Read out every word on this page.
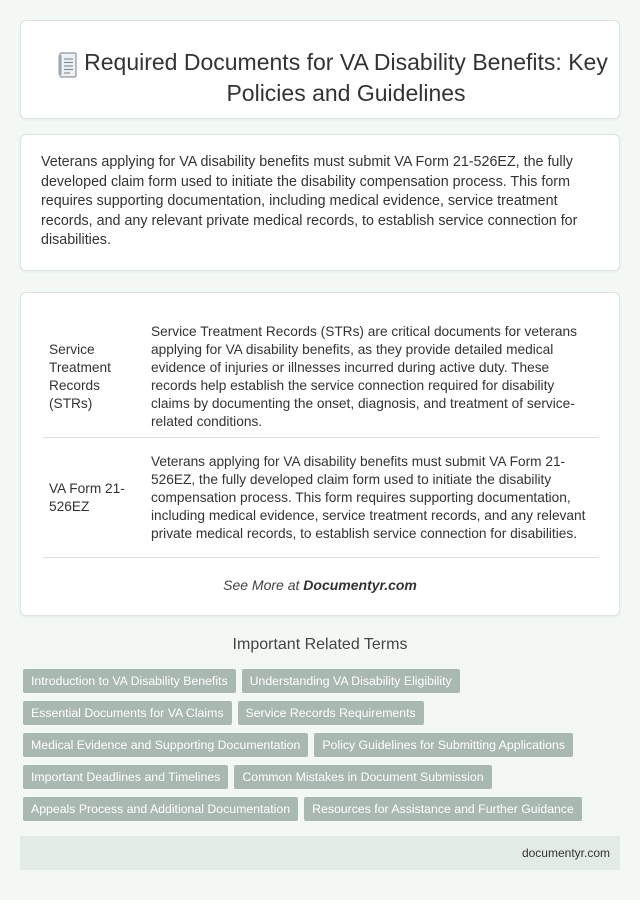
Required Documents for VA Disability Benefits: Key Policies and Guidelines

Veterans applying for VA disability benefits must submit VA Form 21-526EZ, the fully developed claim form used to initiate the disability compensation process. This form requires supporting documentation, including medical evidence, service treatment records, and any relevant private medical records, to establish service connection for disabilities.

Service Treatment Records (STRs)	Service Treatment Records (STRs) are critical documents for veterans applying for VA disability benefits, as they provide detailed medical evidence of injuries or illnesses incurred during active duty. These records help establish the service connection required for disability claims by documenting the onset, diagnosis, and treatment of service-related conditions.
VA Form 21-526EZ	Veterans applying for VA disability benefits must submit VA Form 21-526EZ, the fully developed claim form used to initiate the disability compensation process. This form requires supporting documentation, including medical evidence, service treatment records, and any relevant private medical records, to establish service connection for disabilities.
See More at Documentyr.com
Important Related Terms
Introduction to VA Disability Benefits Understanding VA Disability Eligibility
Essential Documents for VA Claims Service Records Requirements
Medical Evidence and Supporting Documentation Policy Guidelines for Submitting Applications
Important Deadlines and Timelines Common Mistakes in Document Submission
Appeals Process and Additional Documentation Resources for Assistance and Further Guidance
documentyr.com
